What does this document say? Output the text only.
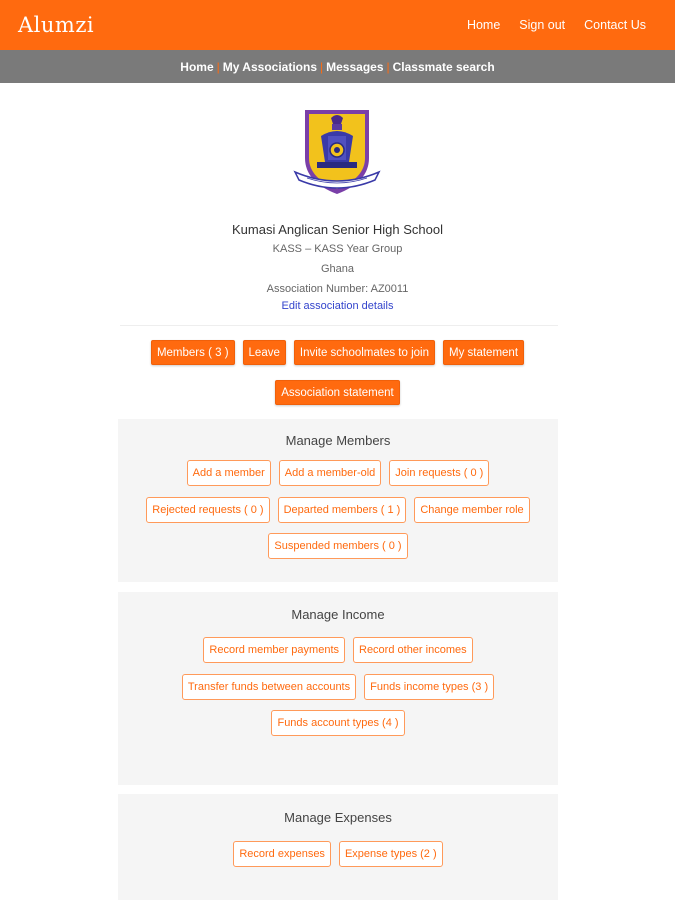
Alumzi	Home Sign out Contact Us
Home | My Associations | Messages | Classmate search
Kumasi Anglican Senior High School
KASS – KASS Year Group
Ghana
Association Number: AZ0011
Edit association details
Members ( 3 )	Leave	Invite schoolmates to join	My statement
Association statement
Manage Members
Add a member	Add a member-old	Join requests ( 0 )
Rejected requests ( 0 )	Departed members ( 1 )	Change member role
Suspended members ( 0 )
Manage Income
Record member payments	Record other incomes
Transfer funds between accounts	Funds income types (3 )
Funds account types (4 )
Manage Expenses
Record expenses	Expense types (2 )
